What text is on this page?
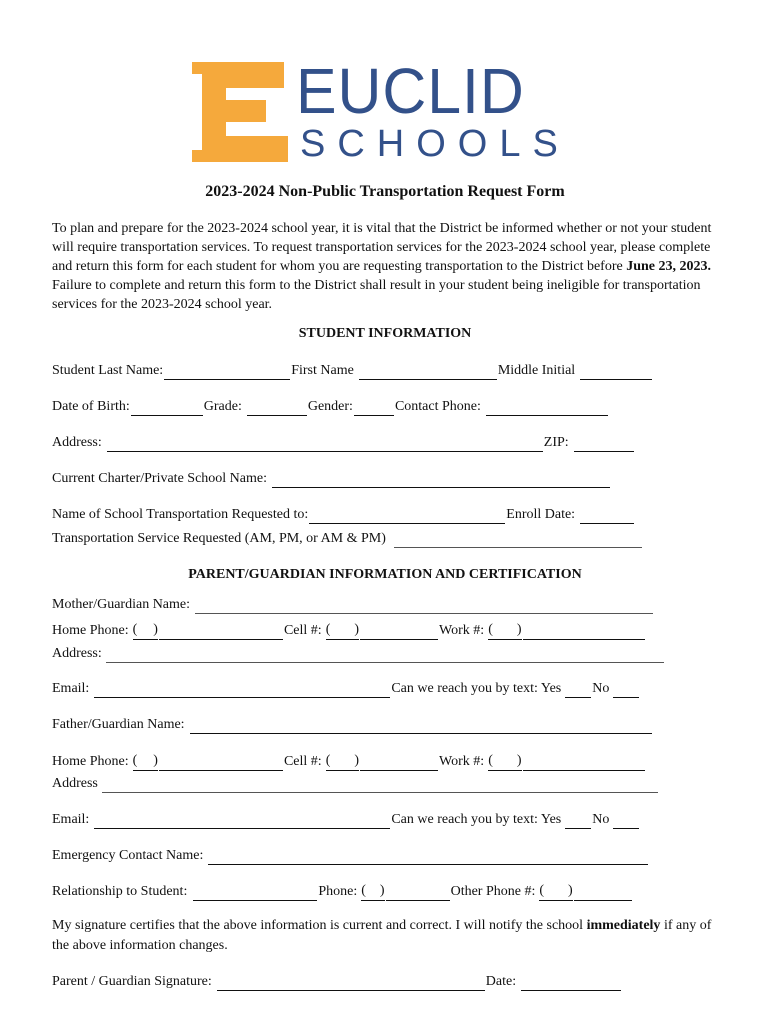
EUCLID
SCHOOLS
2023-2024 Non-Public Transportation Request Form
To plan and prepare for the 2023-2024 school year, it is vital that the District be informed whether or not your student will require transportation services. To request transportation services for the 2023-2024 school year, please complete and return this form for each student for whom you are requesting transportation to the District before June 23, 2023. Failure to complete and return this form to the District shall result in your student being ineligible for transportation services for the 2023-2024 school year.
STUDENT INFORMATION
Student Last Name:	First Name	Middle Initial
Date of Birth:	Grade:	Gender:	Contact Phone:
Address:	ZIP:
Current Charter/Private School Name:
Name of School Transportation Requested to:	Enroll Date:
Transportation Service Requested (AM, PM, or AM & PM)
PARENT/GUARDIAN INFORMATION AND CERTIFICATION
Mother/Guardian Name:
Home Phone: ( )	Cell #: ( )	Work #: ( )
Address:
Email:	Can we reach you by text: Yes No
Father/Guardian Name:
Home Phone: ( )	Cell #: ( )	Work #: ( )
Address
Email:	Can we reach you by text: Yes No
Emergency Contact Name:
Relationship to Student:	Phone: ( )	Other Phone #: ( )
My signature certifies that the above information is current and correct. I will notify the school immediately if any of the above information changes.
Parent / Guardian Signature:	Date:
